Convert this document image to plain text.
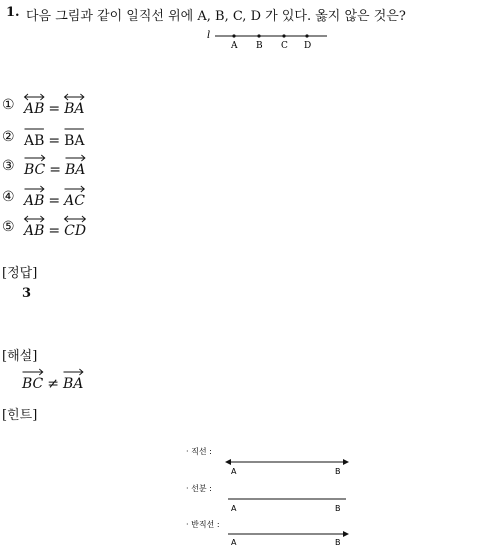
1. 다음 그림과 같이 일직선 위에 A, B, C, D 가 있다. 옳지 않은 것은?
l
A B C D
① AB = BA
② AB = BA
③ BC = BA
④ AB = AC
⑤ AB = CD
[정답]
3
[해설]
BC ≠ BA
[힌트]
· 직선 :
A	B
· 선분 :
A	B
· 반직선 :
A	B
